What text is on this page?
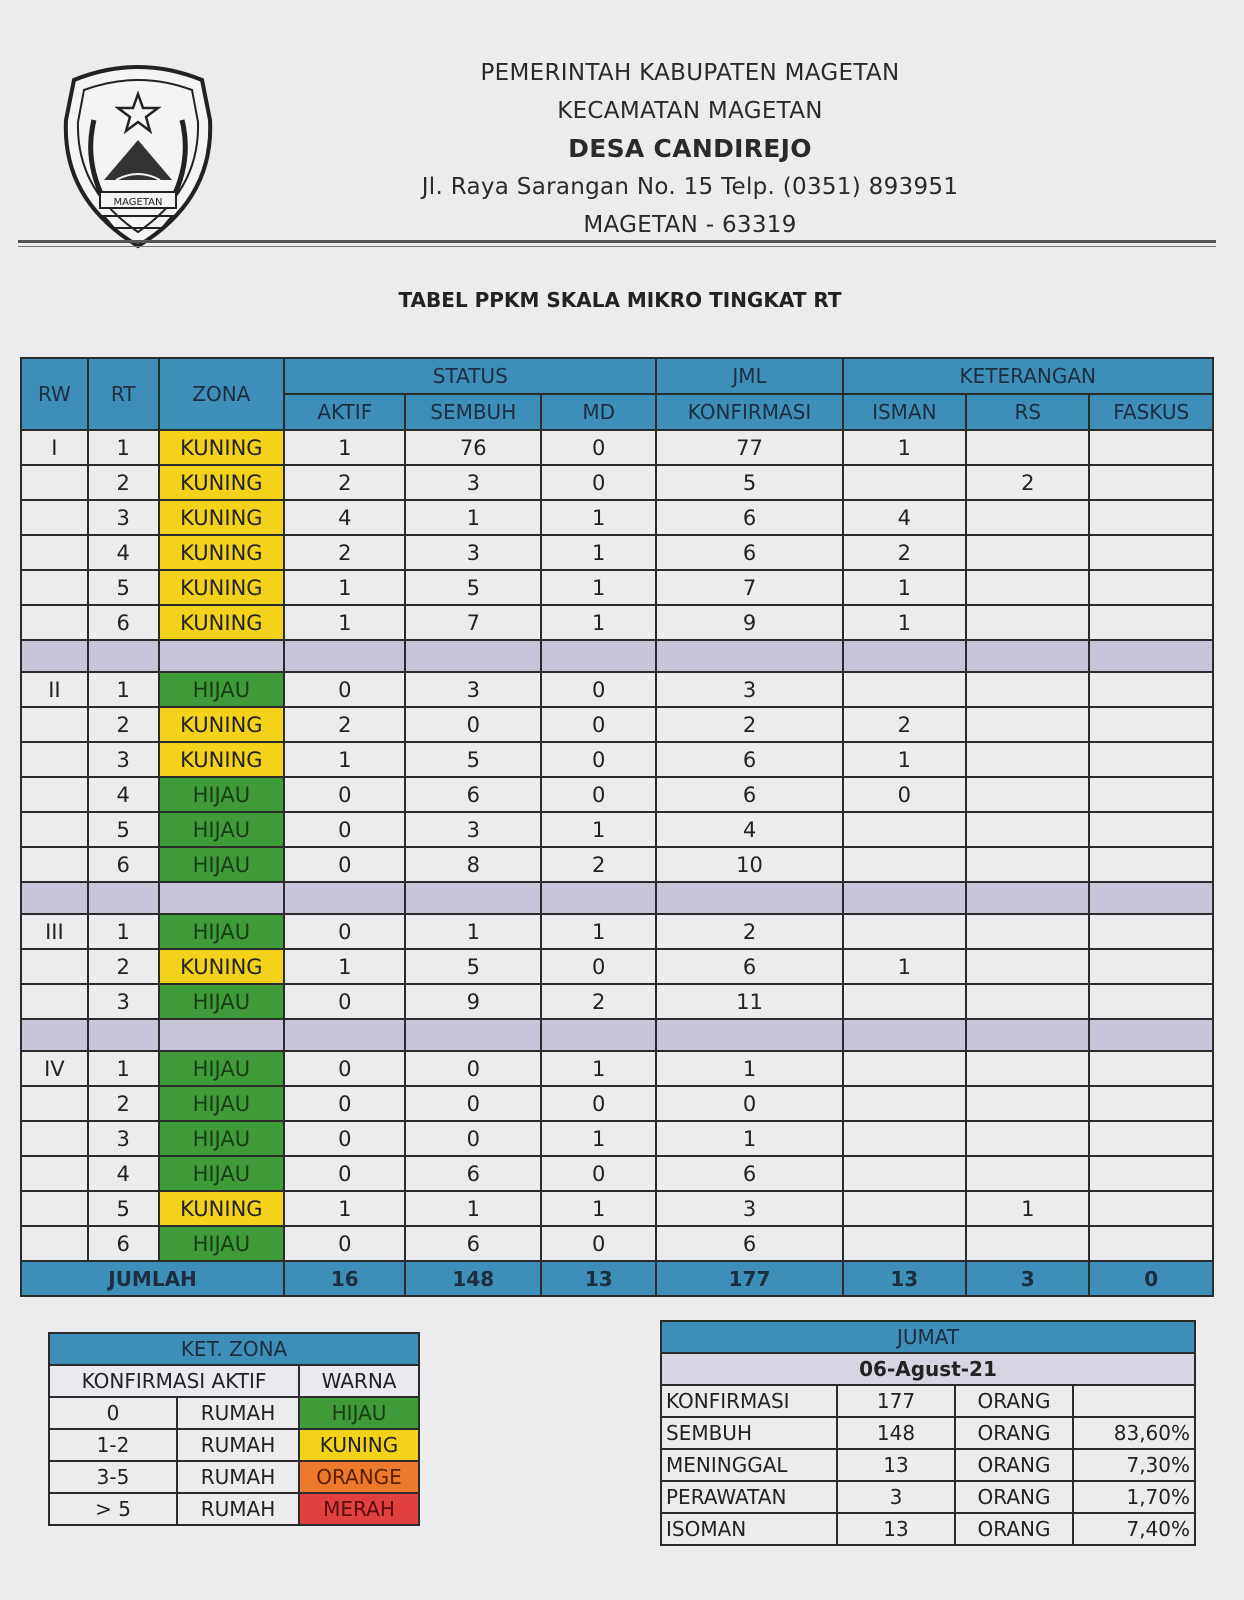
MAGETAN
PEMERINTAH KABUPATEN MAGETAN
KECAMATAN MAGETAN
DESA CANDIREJO
Jl. Raya Sarangan No. 15 Telp. (0351) 893951
MAGETAN - 63319
TABEL PPKM SKALA MIKRO TINGKAT RT
RW	RT	ZONA	STATUS			JML	KETERANGAN		
			AKTIF	SEMBUH	MD	KONFIRMASI	ISMAN	RS	FASKUS
I	1	KUNING	1	76	0	77	1		
	2	KUNING	2	3	0	5		2	
	3	KUNING	4	1	1	6	4		
	4	KUNING	2	3	1	6	2		
	5	KUNING	1	5	1	7	1		
	6	KUNING	1	7	1	9	1		

II	1	HIJAU	0	3	0	3			
	2	KUNING	2	0	0	2	2		
	3	KUNING	1	5	0	6	1		
	4	HIJAU	0	6	0	6	0		
	5	HIJAU	0	3	1	4			
	6	HIJAU	0	8	2	10			

III	1	HIJAU	0	1	1	2			
	2	KUNING	1	5	0	6	1		
	3	HIJAU	0	9	2	11			

IV	1	HIJAU	0	0	1	1			
	2	HIJAU	0	0	0	0			
	3	HIJAU	0	0	1	1			
	4	HIJAU	0	6	0	6			
	5	KUNING	1	1	1	3		1	
	6	HIJAU	0	6	0	6			
JUMLAH			16	148	13	177	13	3	0
KET. ZONA		
KONFIRMASI AKTIF		WARNA
0	RUMAH	HIJAU
1-2	RUMAH	KUNING
3-5	RUMAH	ORANGE
> 5	RUMAH	MERAH
JUMAT			
06-Agust-21			
KONFIRMASI	177	ORANG	
SEMBUH	148	ORANG	83,60%
MENINGGAL	13	ORANG	7,30%
PERAWATAN	3	ORANG	1,70%
ISOMAN	13	ORANG	7,40%
